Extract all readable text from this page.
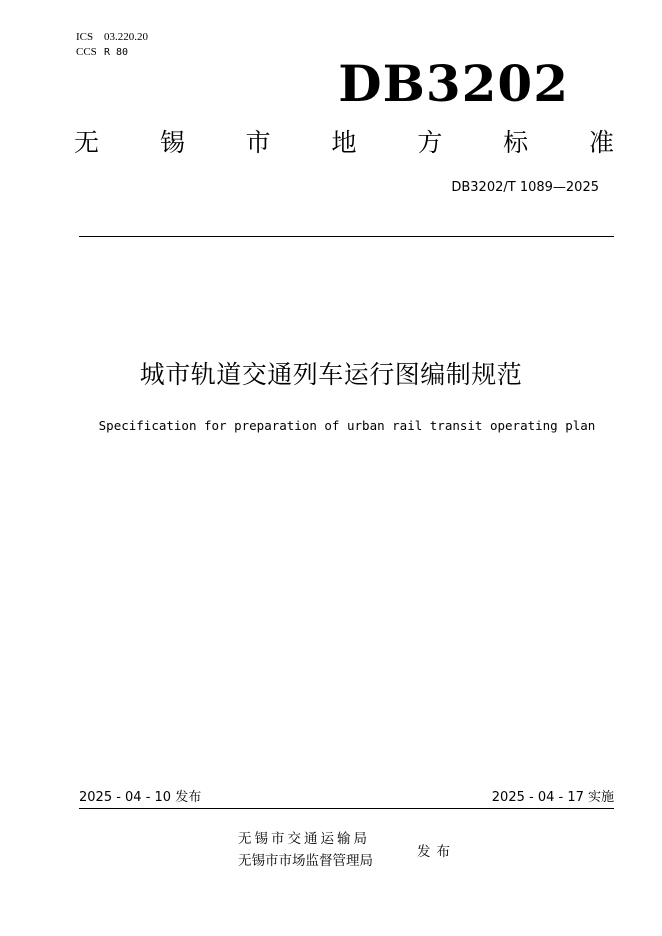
ICS 03.220.20
CCS R 80
DB3202
无 锡 市 地 方 标 准
DB3202/T 1089—2025
城市轨道交通列车运行图编制规范
Specification for preparation of urban rail transit operating plan
2025 - 04 - 10 发布	2025 - 04 - 17 实施
无锡市交通运输局
无锡市市场监督管理局
发布
